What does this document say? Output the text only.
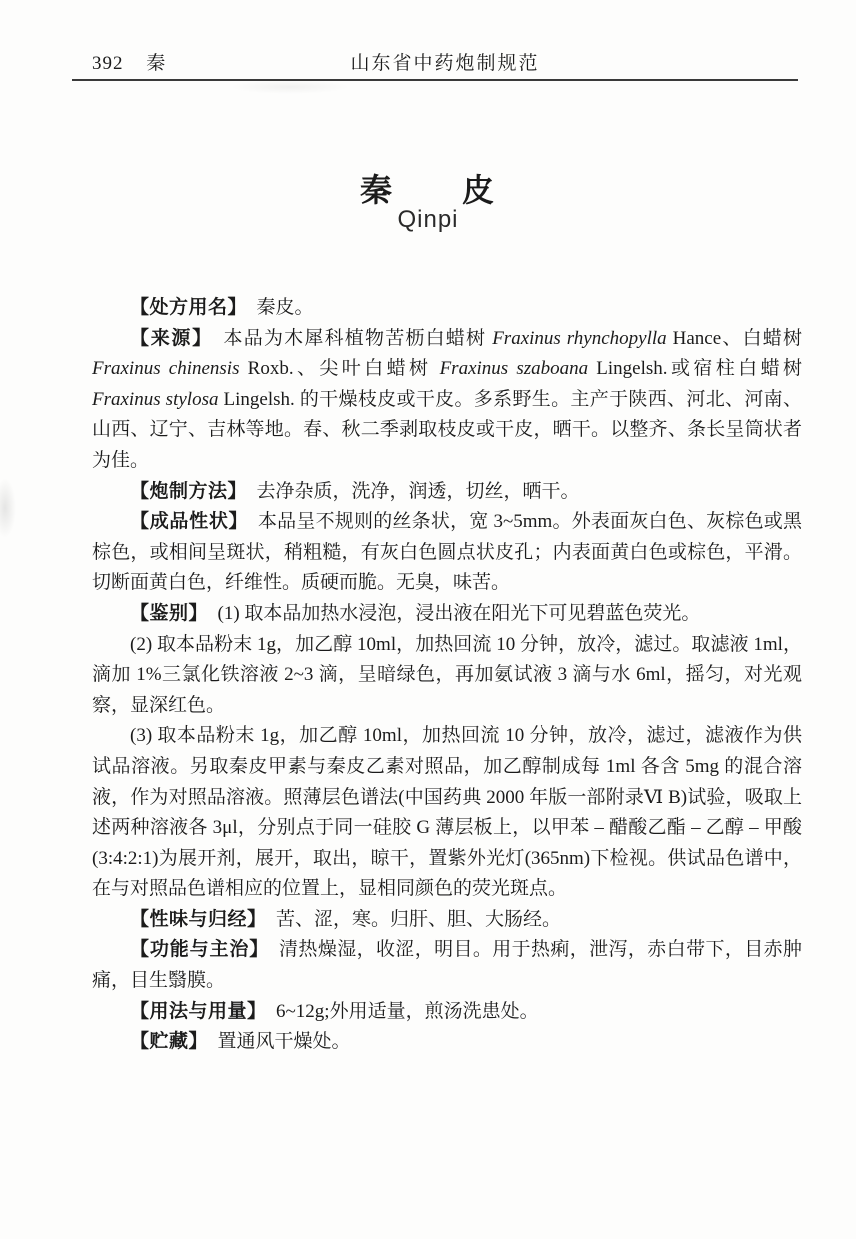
392 秦	山东省中药炮制规范
秦　　皮
Qinpi

【处方用名】　秦皮。

【来源】　本品为木犀科植物苦枥白蜡树 Fraxinus rhynchopylla Hance、白蜡树 Fraxinus chinensis Roxb.、尖叶白蜡树 Fraxinus szaboana Lingelsh.或宿柱白蜡树 Fraxinus stylosa Lingelsh. 的干燥枝皮或干皮。多系野生。主产于陕西、河北、河南、山西、辽宁、吉林等地。春、秋二季剥取枝皮或干皮，晒干。以整齐、条长呈筒状者为佳。

【炮制方法】　去净杂质，洗净，润透，切丝，晒干。

【成品性状】　本品呈不规则的丝条状，宽 3~5mm。外表面灰白色、灰棕色或黑棕色，或相间呈斑状，稍粗糙，有灰白色圆点状皮孔；内表面黄白色或棕色，平滑。切断面黄白色，纤维性。质硬而脆。无臭，味苦。

【鉴别】　(1) 取本品加热水浸泡，浸出液在阳光下可见碧蓝色荧光。

(2) 取本品粉末 1g，加乙醇 10ml，加热回流 10 分钟，放冷，滤过。取滤液 1ml，滴加 1%三氯化铁溶液 2~3 滴，呈暗绿色，再加氨试液 3 滴与水 6ml，摇匀，对光观察，显深红色。

(3) 取本品粉末 1g，加乙醇 10ml，加热回流 10 分钟，放冷，滤过，滤液作为供试品溶液。另取秦皮甲素与秦皮乙素对照品，加乙醇制成每 1ml 各含 5mg 的混合溶液，作为对照品溶液。照薄层色谱法(中国药典 2000 年版一部附录Ⅵ B)试验，吸取上述两种溶液各 3μl，分别点于同一硅胶 G 薄层板上，以甲苯 – 醋酸乙酯 – 乙醇 – 甲酸(3:4:2:1)为展开剂，展开，取出，晾干，置紫外光灯(365nm)下检视。供试品色谱中，在与对照品色谱相应的位置上，显相同颜色的荧光斑点。

【性味与归经】　苦、涩，寒。归肝、胆、大肠经。

【功能与主治】　清热燥湿，收涩，明目。用于热痢，泄泻，赤白带下，目赤肿痛，目生翳膜。

【用法与用量】　6~12g;外用适量，煎汤洗患处。

【贮藏】　置通风干燥处。
